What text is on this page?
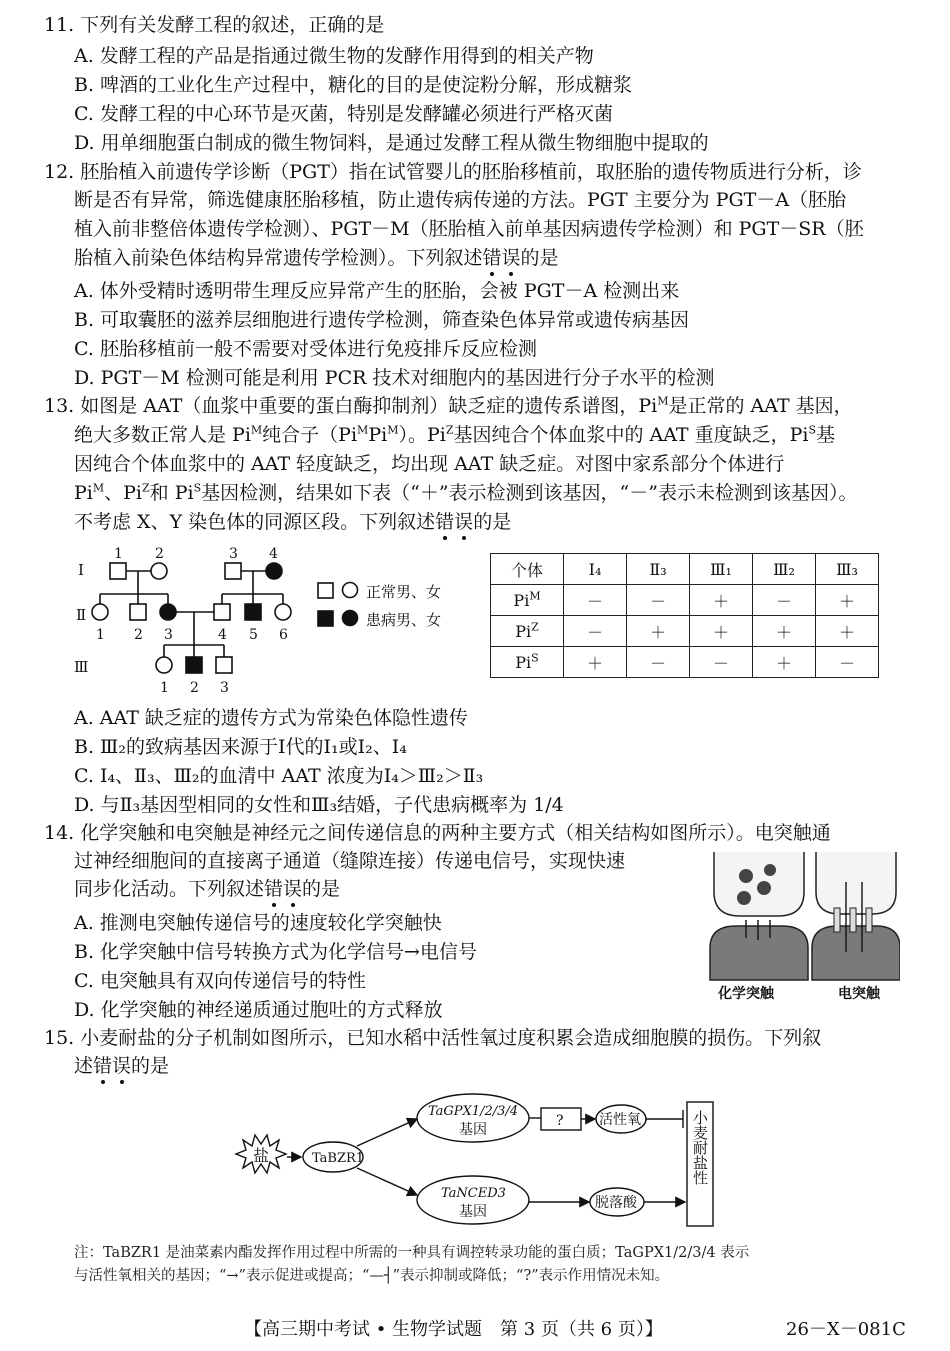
11. 下列有关发酵工程的叙述，正确的是
A. 发酵工程的产品是指通过微生物的发酵作用得到的相关产物
B. 啤酒的工业化生产过程中，糖化的目的是使淀粉分解，形成糖浆
C. 发酵工程的中心环节是灭菌，特别是发酵罐必须进行严格灭菌
D. 用单细胞蛋白制成的微生物饲料，是通过发酵工程从微生物细胞中提取的
12. 胚胎植入前遗传学诊断（PGT）指在试管婴儿的胚胎移植前，取胚胎的遗传物质进行分析，诊
断是否有异常，筛选健康胚胎移植，防止遗传病传递的方法。PGT 主要分为 PGT－A（胚胎
植入前非整倍体遗传学检测）、PGT－M（胚胎植入前单基因病遗传学检测）和 PGT－SR（胚
胎植入前染色体结构异常遗传学检测）。下列叙述错误的是
A. 体外受精时透明带生理反应异常产生的胚胎，会被 PGT－A 检测出来
B. 可取囊胚的滋养层细胞进行遗传学检测，筛查染色体异常或遗传病基因
C. 胚胎移植前一般不需要对受体进行免疫排斥反应检测
D. PGT－M 检测可能是利用 PCR 技术对细胞内的基因进行分子水平的检测
13. 如图是 AAT（血浆中重要的蛋白酶抑制剂）缺乏症的遗传系谱图，$Pi^M$是正常的 AAT 基因，
绝大多数正常人是 $Pi^M$纯合子$(Pi^MPi^M)$。$Pi^Z$基因纯合个体血浆中的 AAT 重度缺乏，$Pi^S$基
因纯合个体血浆中的 AAT 轻度缺乏，均出现 AAT 缺乏症。对图中家系部分个体进行
$Pi^M$、$Pi^Z$和 $Pi^S$基因检测，结果如下表（“＋”表示检测到该基因，“－”表示未检测到该基因）。
不考虑 X、Y 染色体的同源区段。下列叙述错误的是
Ⅰ
Ⅱ
Ⅲ
1 2	3 4
1 2 3	4 5 6
1 2 3
正常男、女
患病男、女
个体	Ⅰ₄	Ⅱ₃	Ⅲ₁	Ⅲ₂	Ⅲ₃
$Pi^M$	－	－	＋	－	＋
$Pi^Z$	－	＋	＋	＋	＋
$Pi^S$	＋	－	－	＋	－
A. AAT 缺乏症的遗传方式为常染色体隐性遗传
B. Ⅲ₂的致病基因来源于Ⅰ代的Ⅰ₁或Ⅰ₂、Ⅰ₄
C. Ⅰ₄、Ⅱ₃、Ⅲ₂的血清中 AAT 浓度为Ⅰ₄＞Ⅲ₂＞Ⅱ₃
D. 与Ⅱ₃基因型相同的女性和Ⅲ₃结婚，子代患病概率为 1/4
14. 化学突触和电突触是神经元之间传递信息的两种主要方式（相关结构如图所示）。电突触通
过神经细胞间的直接离子通道（缝隙连接）传递电信号，实现快速
同步化活动。下列叙述错误的是
A. 推测电突触传递信号的速度较化学突触快
B. 化学突触中信号转换方式为化学信号→电信号
C. 电突触具有双向传递信号的特性
D. 化学突触的神经递质通过胞吐的方式释放
化学突触	电突触
15. 小麦耐盐的分子机制如图所示，已知水稻中活性氧过度积累会造成细胞膜的损伤。下列叙
述错误的是
盐	TaBZR1
TaGPX1/2/3/4
基因
TaNCED3
基因
?	活性氧
脱落酸
小麦耐盐性
注：TaBZR1 是油菜素内酯发挥作用过程中所需的一种具有调控转录功能的蛋白质；TaGPX1/2/3/4 表示
与活性氧相关的基因；“→”表示促进或提高；“—┤”表示抑制或降低；“?”表示作用情况未知。
【高三期中考试 • 生物学试题　第 3 页（共 6 页）】	26－X－081C
